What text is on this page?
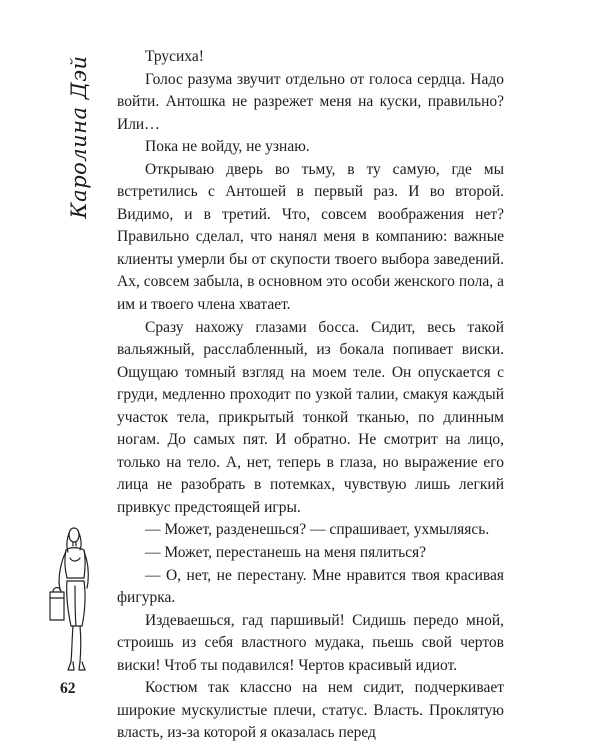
Каролина Дэй	Трусиха!

Голос разума звучит отдельно от голоса сердца. Надо войти. Антошка не разрежет меня на куски, правильно? Или…

Пока не войду, не узнаю.

Открываю дверь во тьму, в ту самую, где мы встретились с Антошей в первый раз. И во второй. Видимо, и в третий. Что, совсем воображения нет? Правильно сделал, что нанял меня в компанию: важные клиенты умерли бы от скупости твоего выбора заведений. Ах, совсем забыла, в основном это особи женского пола, а им и твоего члена хватает.

Сразу нахожу глазами босса. Сидит, весь такой вальяжный, расслабленный, из бокала попивает виски. Ощущаю томный взгляд на моем теле. Он опускается с груди, медленно проходит по узкой талии, смакуя каждый участок тела, прикрытый тонкой тканью, по длинным ногам. До самых пят. И обратно. Не смотрит на лицо, только на тело. А, нет, теперь в глаза, но выражение его лица не разобрать в потемках, чувствую лишь легкий привкус предстоящей игры.

— Может, разденешься? — спрашивает, ухмыляясь.

— Может, перестанешь на меня пялиться?

— О, нет, не перестану. Мне нравится твоя красивая фигурка.

Издеваешься, гад паршивый! Сидишь передо мной, строишь из себя властного мудака, пьешь свой чертов виски! Чтоб ты подавился! Чертов красивый идиот.

Костюм так классно на нем сидит, подчеркивает широкие мускулистые плечи, статус. Власть. Проклятую власть, из-за которой я оказалась перед

62
